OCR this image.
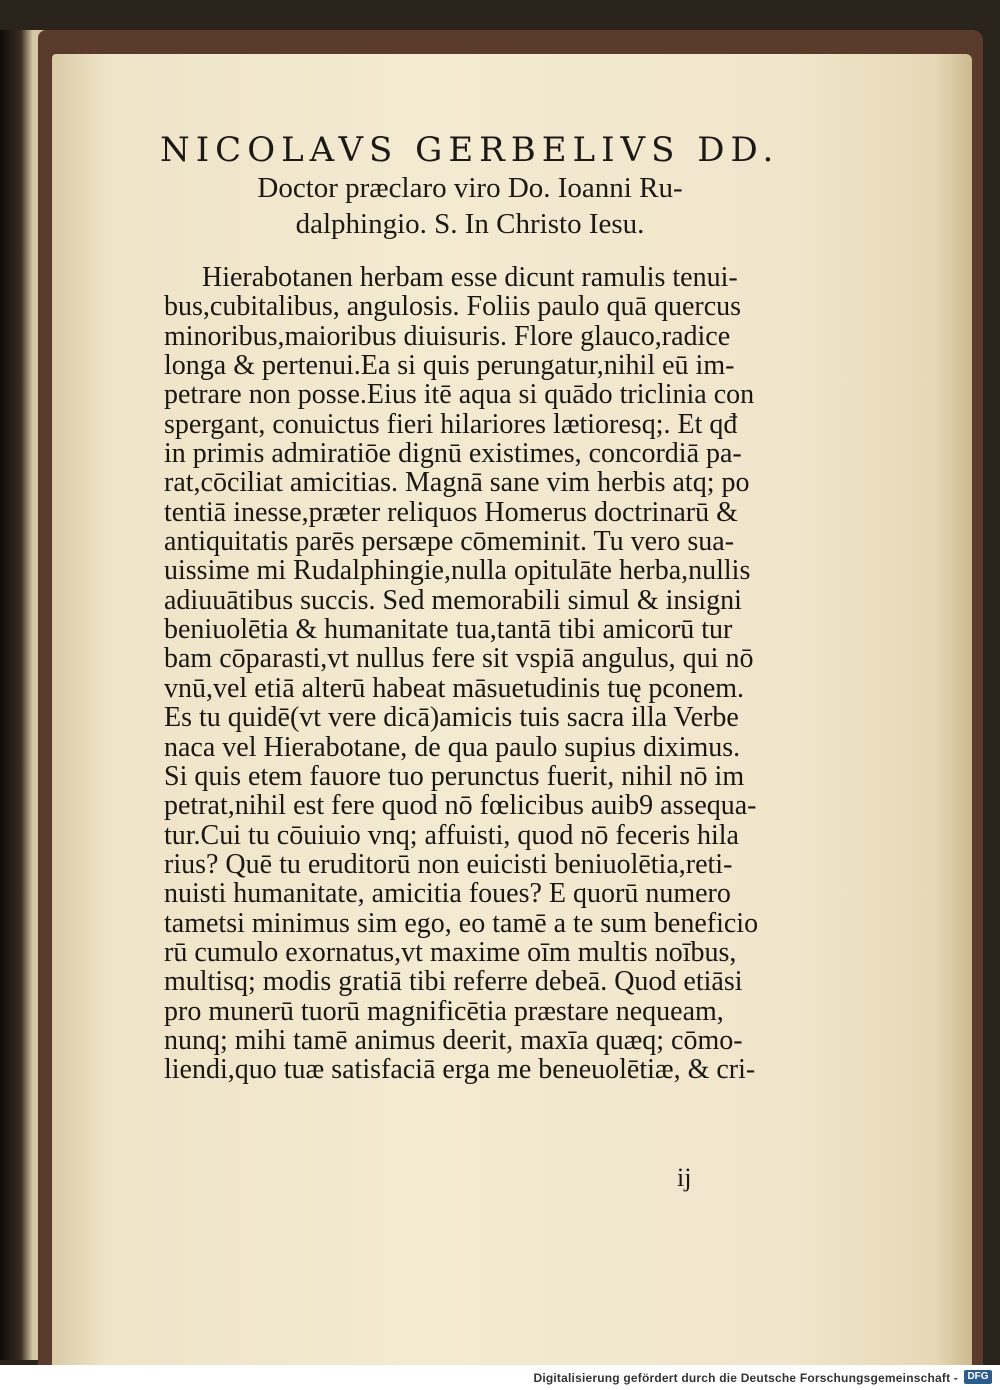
NICOLAVS GERBELIVS DD.
Doctor præclaro viro Do. Ioanni Ru-
dalphingio. S. In Christo Iesu.
Hierabotanen herbam esse dicunt ramulis tenui-
bus,cubitalibus, angulosis. Foliis paulo quā quercus
minoribus,maioribus diuisuris. Flore glauco,radice
longa & pertenui.Ea si quis perungatur,nihil eū im-
petrare non posse.Eius itē aqua si quādo triclinia con
spergant, conuictus fieri hilariores lætioresq;. Et qđ
in primis admiratiōe dignū existimes, concordiā pa-
rat,cōciliat amicitias. Magnā sane vim herbis atq; po
tentiā inesse,præter reliquos Homerus doctrinarū &
antiquitatis parēs persæpe cōmeminit. Tu vero sua-
uissime mi Rudalphingie,nulla opitulāte herba,nullis
adiuuātibus succis. Sed memorabili simul & insigni
beniuolētia & humanitate tua,tantā tibi amicorū tur
bam cōparasti,vt nullus fere sit vspiā angulus, qui nō
vnū,vel etiā alterū habeat māsuetudinis tuę pconem.
Es tu quidē(vt vere dicā)amicis tuis sacra illa Verbe
naca vel Hierabotane, de qua paulo supius diximus.
Si quis etem fauore tuo perunctus fuerit, nihil nō im
petrat,nihil est fere quod nō fœlicibus auib9 assequa-
tur.Cui tu cōuiuio vnq; affuisti, quod nō feceris hila
rius? Quē tu eruditorū non euicisti beniuolētia,reti-
nuisti humanitate, amicitia foues? E quorū numero
tametsi minimus sim ego, eo tamē a te sum beneficio
rū cumulo exornatus,vt maxime oīm multis noībus,
multisq; modis gratiā tibi referre debeā. Quod etiāsi
pro munerū tuorū magnificētia præstare nequeam,
nunq; mihi tamē animus deerit, maxīa quæq; cōmo-
liendi,quo tuæ satisfaciā erga me beneuolētiæ, & cri-
ij
Digitalisierung gefördert durch die Deutsche Forschungsgemeinschaft - DFG
